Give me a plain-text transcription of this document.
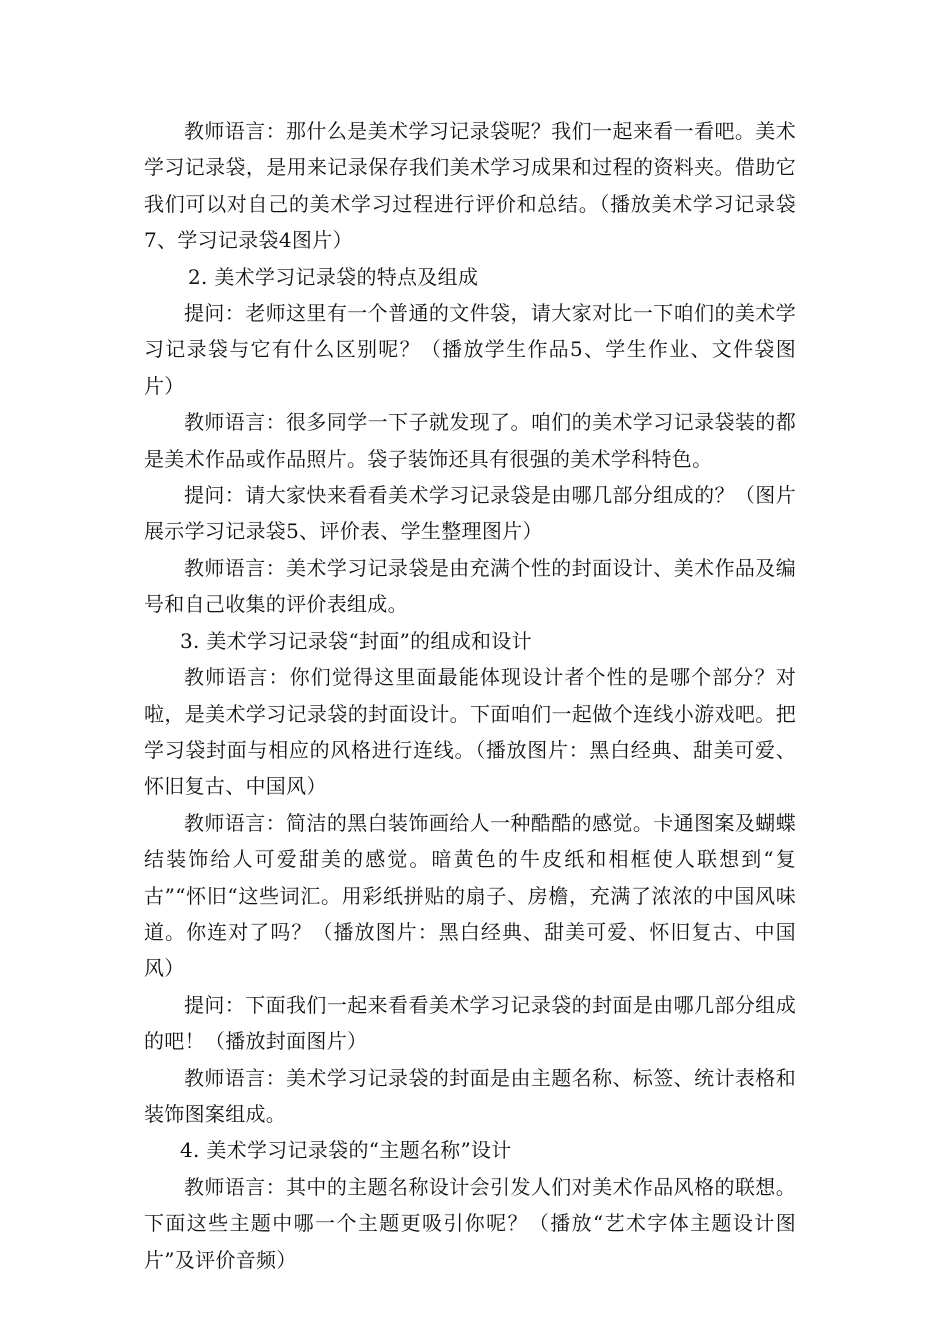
教师语言：那什么是美术学习记录袋呢？我们一起来看一看吧。美术学习记录袋，是用来记录保存我们美术学习成果和过程的资料夹。借助它我们可以对自己的美术学习过程进行评价和总结。（播放美术学习记录袋7、学习记录袋4图片）

2. 美术学习记录袋的特点及组成

提问：老师这里有一个普通的文件袋，请大家对比一下咱们的美术学习记录袋与它有什么区别呢？（播放学生作品5、学生作业、文件袋图片）

教师语言：很多同学一下子就发现了。咱们的美术学习记录袋装的都是美术作品或作品照片。袋子装饰还具有很强的美术学科特色。

提问：请大家快来看看美术学习记录袋是由哪几部分组成的？（图片展示学习记录袋5、评价表、学生整理图片）

教师语言：美术学习记录袋是由充满个性的封面设计、美术作品及编号和自己收集的评价表组成。

3. 美术学习记录袋“封面”的组成和设计

教师语言：你们觉得这里面最能体现设计者个性的是哪个部分？对啦，是美术学习记录袋的封面设计。下面咱们一起做个连线小游戏吧。把学习袋封面与相应的风格进行连线。（播放图片：黑白经典、甜美可爱、怀旧复古、中国风）

教师语言：简洁的黑白装饰画给人一种酷酷的感觉。卡通图案及蝴蝶结装饰给人可爱甜美的感觉。暗黄色的牛皮纸和相框使人联想到“复古”“怀旧“这些词汇。用彩纸拼贴的扇子、房檐，充满了浓浓的中国风味道。你连对了吗？（播放图片：黑白经典、甜美可爱、怀旧复古、中国风）

提问：下面我们一起来看看美术学习记录袋的封面是由哪几部分组成的吧！（播放封面图片）

教师语言：美术学习记录袋的封面是由主题名称、标签、统计表格和装饰图案组成。

4. 美术学习记录袋的“主题名称”设计

教师语言：其中的主题名称设计会引发人们对美术作品风格的联想。下面这些主题中哪一个主题更吸引你呢？（播放“艺术字体主题设计图片”及评价音频）
